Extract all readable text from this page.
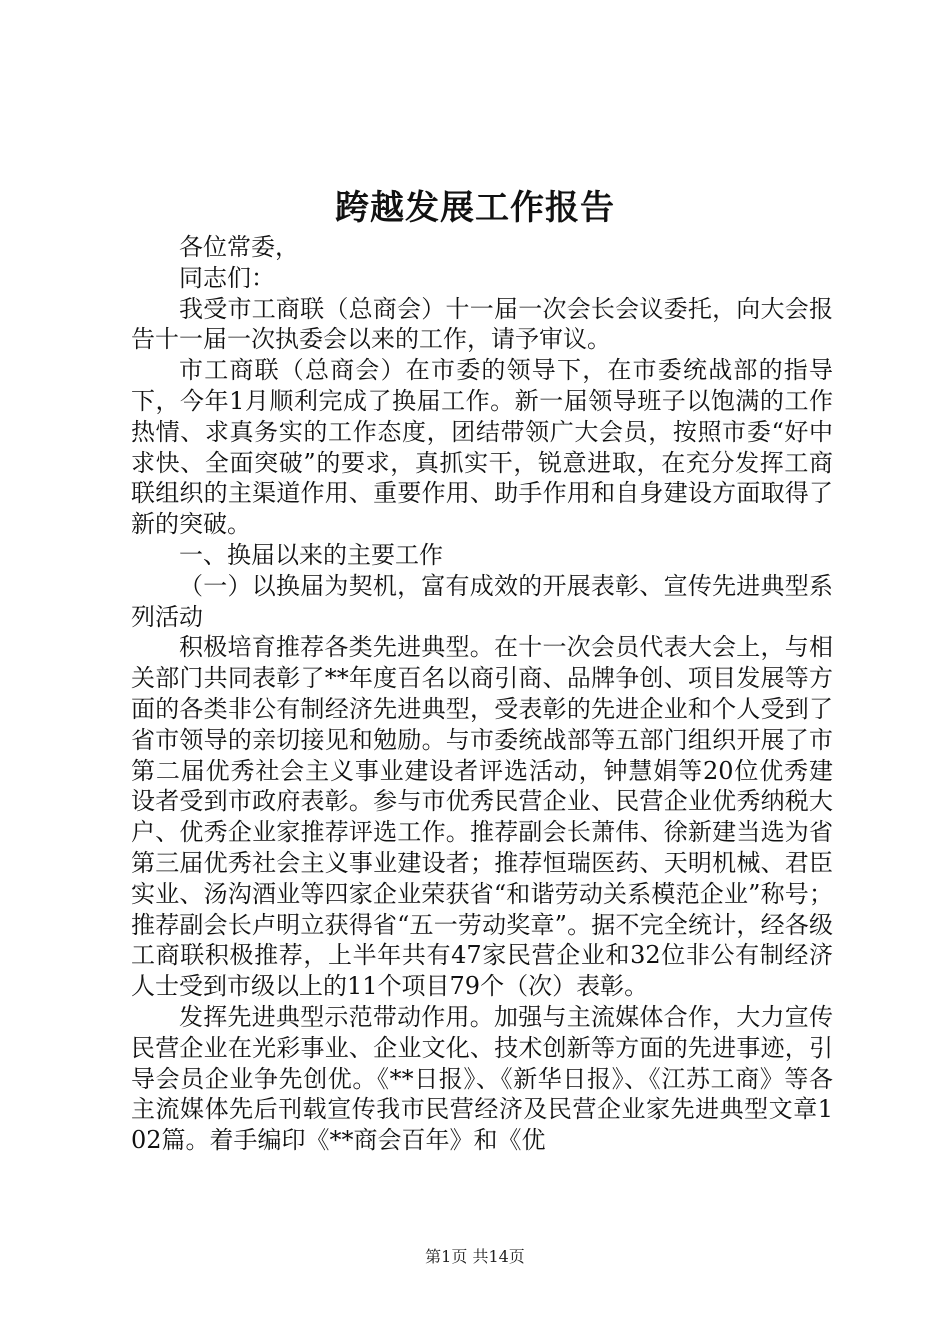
跨越发展工作报告

各位常委，

同志们：

我受市工商联（总商会）十一届一次会长会议委托，向大会报告十一届一次执委会以来的工作，请予审议。

市工商联（总商会）在市委的领导下，在市委统战部的指导下，今年1月顺利完成了换届工作。新一届领导班子以饱满的工作热情、求真务实的工作态度，团结带领广大会员，按照市委“好中求快、全面突破”的要求，真抓实干，锐意进取，在充分发挥工商联组织的主渠道作用、重要作用、助手作用和自身建设方面取得了新的突破。

一、换届以来的主要工作

（一）以换届为契机，富有成效的开展表彰、宣传先进典型系列活动

积极培育推荐各类先进典型。在十一次会员代表大会上，与相关部门共同表彰了**年度百名以商引商、品牌争创、项目发展等方面的各类非公有制经济先进典型，受表彰的先进企业和个人受到了省市领导的亲切接见和勉励。与市委统战部等五部门组织开展了市第二届优秀社会主义事业建设者评选活动，钟慧娟等20位优秀建设者受到市政府表彰。参与市优秀民营企业、民营企业优秀纳税大户、优秀企业家推荐评选工作。推荐副会长萧伟、徐新建当选为省第三届优秀社会主义事业建设者；推荐恒瑞医药、天明机械、君臣实业、汤沟酒业等四家企业荣获省“和谐劳动关系模范企业”称号；推荐副会长卢明立获得省“五一劳动奖章”。据不完全统计，经各级工商联积极推荐，上半年共有47家民营企业和32位非公有制经济人士受到市级以上的11个项目79个（次）表彰。

发挥先进典型示范带动作用。加强与主流媒体合作，大力宣传民营企业在光彩事业、企业文化、技术创新等方面的先进事迹，引导会员企业争先创优。《**日报》、《新华日报》、《江苏工商》等各主流媒体先后刊载宣传我市民营经济及民营企业家先进典型文章102篇。着手编印《**商会百年》和《优

第1页 共14页
